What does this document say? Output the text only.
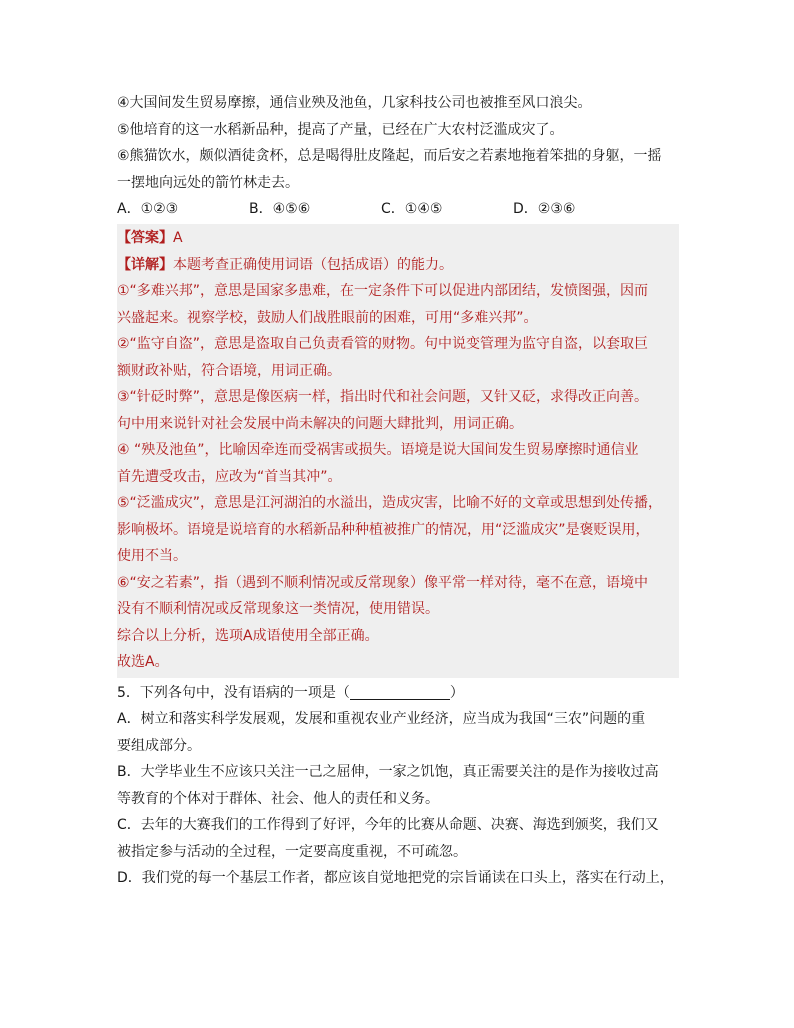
④大国间发生贸易摩擦，通信业殃及池鱼，几家科技公司也被推至风口浪尖。
⑤他培育的这一水稻新品种，提高了产量，已经在广大农村泛滥成灾了。
⑥熊猫饮水，颇似酒徒贪杯，总是喝得肚皮隆起，而后安之若素地拖着笨拙的身躯，一摇
一摆地向远处的箭竹林走去。
A．①②③	B．④⑤⑥	C．①④⑤	D．②③⑥
【答案】A
【详解】本题考查正确使用词语（包括成语）的能力。
①“多难兴邦”，意思是国家多患难，在一定条件下可以促进内部团结，发愤图强，因而
兴盛起来。视察学校，鼓励人们战胜眼前的困难，可用“多难兴邦”。
②“监守自盗”，意思是盗取自己负责看管的财物。句中说变管理为监守自盗，以套取巨
额财政补贴，符合语境，用词正确。
③“针砭时弊”，意思是像医病一样，指出时代和社会问题，又针又砭，求得改正向善。
句中用来说针对社会发展中尚未解决的问题大肆批判，用词正确。
④ “殃及池鱼”，比喻因牵连而受祸害或损失。语境是说大国间发生贸易摩擦时通信业
首先遭受攻击，应改为“首当其冲”。
⑤“泛滥成灾”，意思是江河湖泊的水溢出，造成灾害，比喻不好的文章或思想到处传播，
影响极坏。语境是说培育的水稻新品种种植被推广的情况，用“泛滥成灾”是褒贬误用，
使用不当。
⑥“安之若素”，指（遇到不顺利情况或反常现象）像平常一样对待，毫不在意，语境中
没有不顺利情况或反常现象这一类情况，使用错误。
综合以上分析，选项A成语使用全部正确。
故选A。
5．下列各句中，没有语病的一项是（	）
A．树立和落实科学发展观，发展和重视农业产业经济，应当成为我国“三农”问题的重
要组成部分。
B．大学毕业生不应该只关注一己之屈伸，一家之饥饱，真正需要关注的是作为接收过高
等教育的个体对于群体、社会、他人的责任和义务。
C．去年的大赛我们的工作得到了好评，今年的比赛从命题、决赛、海选到颁奖，我们又
被指定参与活动的全过程，一定要高度重视，不可疏忽。
D．我们党的每一个基层工作者，都应该自觉地把党的宗旨诵读在口头上，落实在行动上，
